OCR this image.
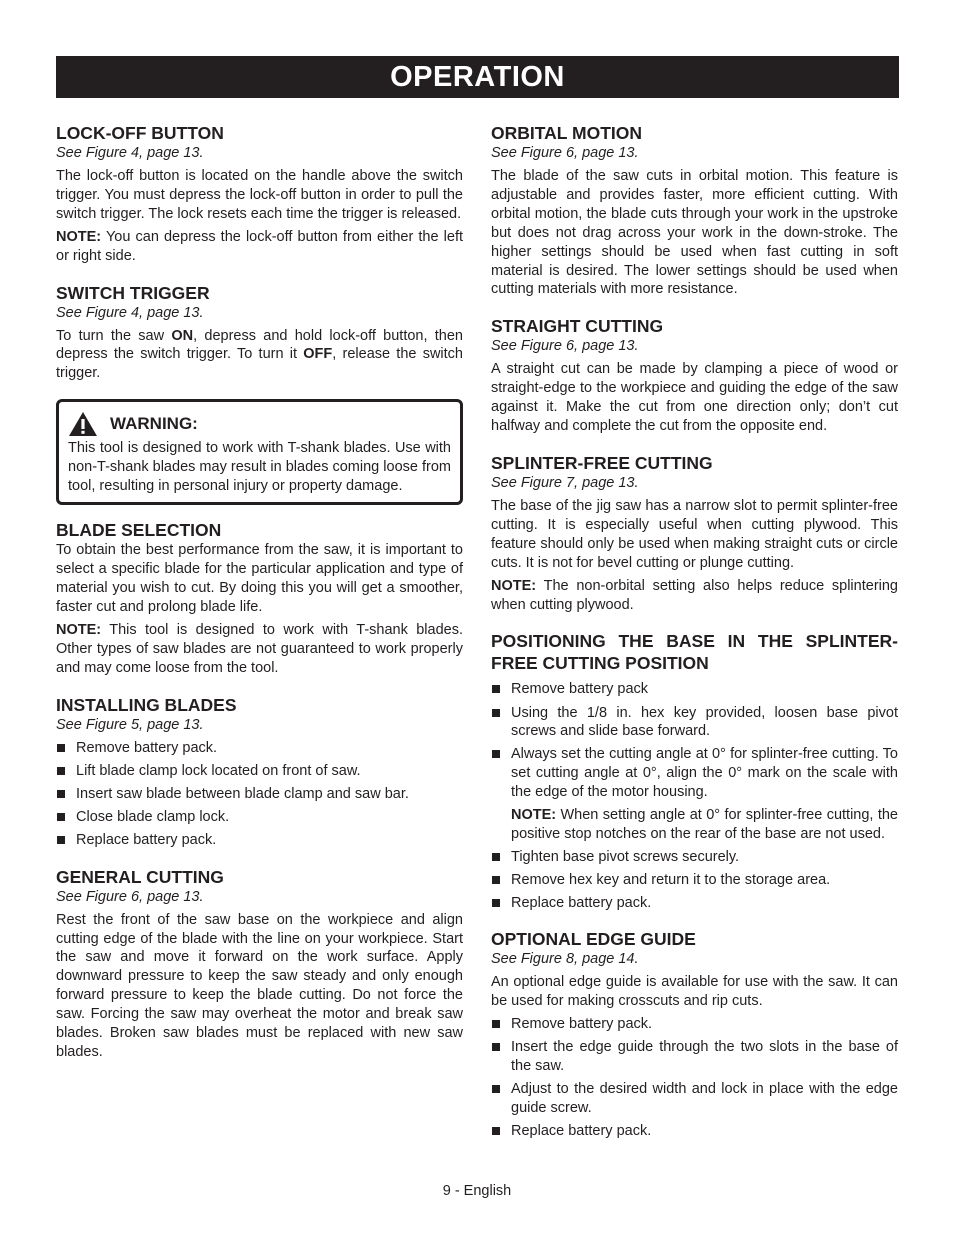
OPERATION
LOCK-OFF BUTTON
See Figure 4, page 13.

The lock-off button is located on the handle above the switch trigger. You must depress the lock-off button in order to pull the switch trigger. The lock resets each time the trigger is released.

NOTE: You can depress the lock-off button from either the left or right side.

SWITCH TRIGGER
See Figure 4, page 13.

To turn the saw ON, depress and hold lock-off button, then depress the switch trigger. To turn it OFF, release the switch trigger.

WARNING:

This tool is designed to work with T-shank blades. Use with non-T-shank blades may result in blades coming loose from tool, resulting in personal injury or property damage.

BLADE SELECTION

To obtain the best performance from the saw, it is important to select a specific blade for the particular application and type of material you wish to cut. By doing this you will get a smoother, faster cut and prolong blade life.

NOTE: This tool is designed to work with T-shank blades. Other types of saw blades are not guaranteed to work properly and may come loose from the tool.

INSTALLING BLADES
See Figure 5, page 13.
Remove battery pack.
Lift blade clamp lock located on front of saw.
Insert saw blade between blade clamp and saw bar.
Close blade clamp lock.
Replace battery pack.
GENERAL CUTTING
See Figure 6, page 13.

Rest the front of the saw base on the workpiece and align cutting edge of the blade with the line on your workpiece. Start the saw and move it forward on the work surface. Apply downward pressure to keep the saw steady and only enough forward pressure to keep the blade cutting. Do not force the saw. Forcing the saw may overheat the motor and break saw blades. Broken saw blades must be replaced with new saw blades.

ORBITAL MOTION
See Figure 6, page 13.

The blade of the saw cuts in orbital motion. This feature is adjustable and provides faster, more efficient cutting. With orbital motion, the blade cuts through your work in the upstroke but does not drag across your work in the down-stroke. The higher settings should be used when fast cutting in soft material is desired. The lower settings should be used when cutting materials with more resistance.

STRAIGHT CUTTING
See Figure 6, page 13.

A straight cut can be made by clamping a piece of wood or straight-edge to the workpiece and guiding the edge of the saw against it. Make the cut from one direction only; don’t cut halfway and complete the cut from the opposite end.

SPLINTER-FREE CUTTING
See Figure 7, page 13.

The base of the jig saw has a narrow slot to permit splinter-free cutting. It is especially useful when cutting plywood. This feature should only be used when making straight cuts or circle cuts. It is not for bevel cutting or plunge cutting.

NOTE: The non-orbital setting also helps reduce splintering when cutting plywood.

POSITIONING THE BASE IN THE SPLINTER-FREE CUTTING POSITION
Remove battery pack
Using the 1/8 in. hex key provided, loosen base pivot screws and slide base forward.
Always set the cutting angle at 0° for splinter-free cutting. To set cutting angle at 0°, align the 0° mark on the scale with the edge of the motor housing.
NOTE: When setting angle at 0° for splinter-free cutting, the positive stop notches on the rear of the base are not used.
Tighten base pivot screws securely.
Remove hex key and return it to the storage area.
Replace battery pack.
OPTIONAL EDGE GUIDE
See Figure 8, page 14.

An optional edge guide is available for use with the saw. It can be used for making crosscuts and rip cuts.

Remove battery pack.
Insert the edge guide through the two slots in the base of the saw.
Adjust to the desired width and lock in place with the edge guide screw.
Replace battery pack.
9 - English
